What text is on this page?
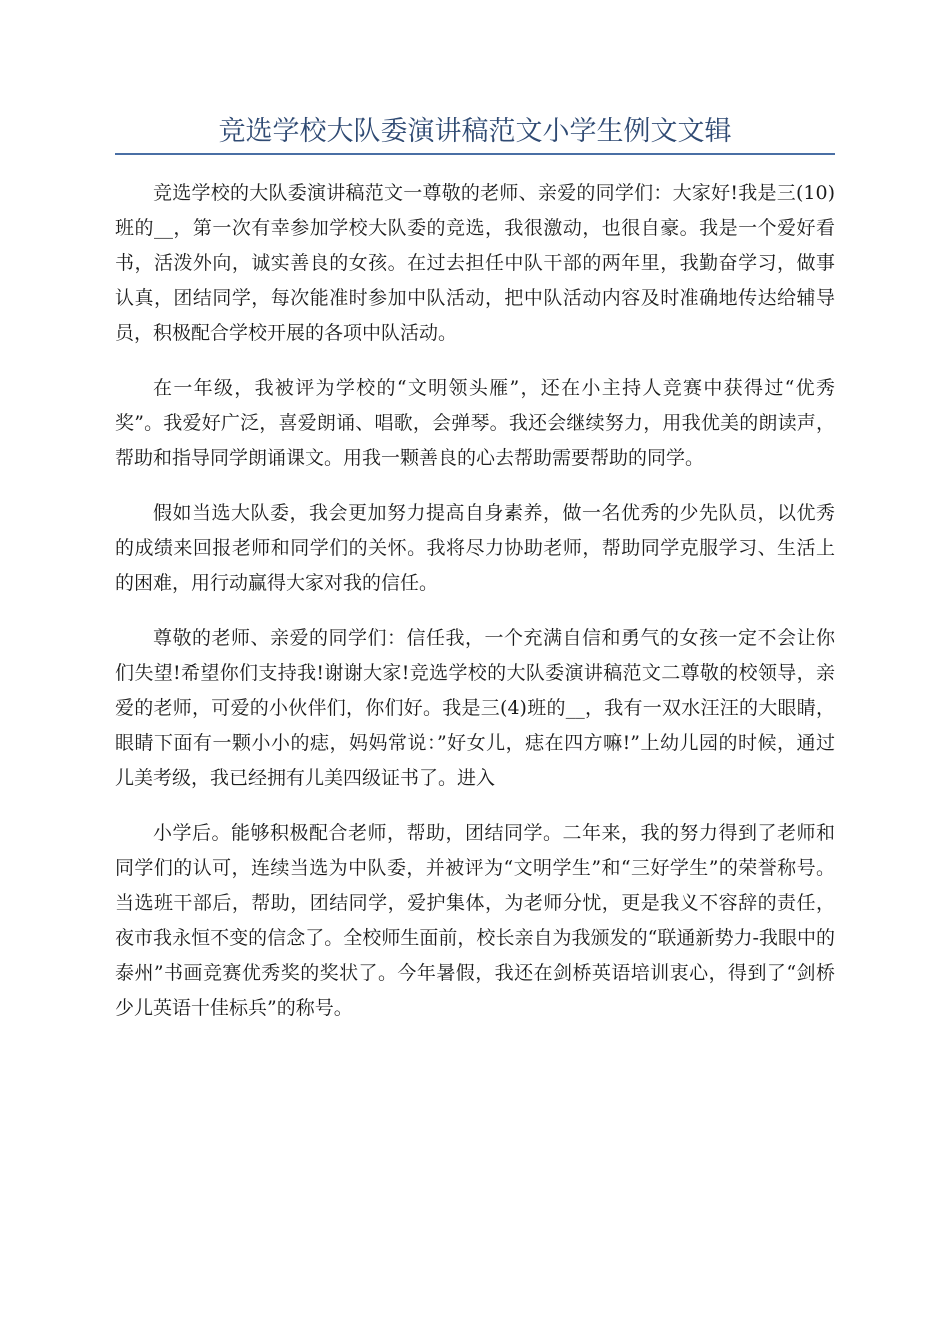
竞选学校大队委演讲稿范文小学生例文文辑

竞选学校的大队委演讲稿范文一尊敬的老师、亲爱的同学们：大家好!我是三(10)班的__，第一次有幸参加学校大队委的竞选，我很激动，也很自豪。我是一个爱好看书，活泼外向，诚实善良的女孩。在过去担任中队干部的两年里，我勤奋学习，做事认真，团结同学，每次能准时参加中队活动，把中队活动内容及时准确地传达给辅导员，积极配合学校开展的各项中队活动。

在一年级，我被评为学校的“文明领头雁”，还在小主持人竞赛中获得过“优秀奖”。我爱好广泛，喜爱朗诵、唱歌，会弹琴。我还会继续努力，用我优美的朗读声，帮助和指导同学朗诵课文。用我一颗善良的心去帮助需要帮助的同学。

假如当选大队委，我会更加努力提高自身素养，做一名优秀的少先队员，以优秀的成绩来回报老师和同学们的关怀。我将尽力协助老师，帮助同学克服学习、生活上的困难，用行动赢得大家对我的信任。

尊敬的老师、亲爱的同学们：信任我，一个充满自信和勇气的女孩一定不会让你们失望!希望你们支持我!谢谢大家!竞选学校的大队委演讲稿范文二尊敬的校领导，亲爱的老师，可爱的小伙伴们，你们好。我是三(4)班的__，我有一双水汪汪的大眼睛，眼睛下面有一颗小小的痣，妈妈常说：”好女儿，痣在四方嘛!”上幼儿园的时候，通过儿美考级，我已经拥有儿美四级证书了。进入

小学后。能够积极配合老师，帮助，团结同学。二年来，我的努力得到了老师和同学们的认可，连续当选为中队委，并被评为“文明学生”和“三好学生”的荣誉称号。当选班干部后，帮助，团结同学，爱护集体，为老师分忧，更是我义不容辞的责任，夜市我永恒不变的信念了。全校师生面前，校长亲自为我颁发的“联通新势力-我眼中的泰州”书画竞赛优秀奖的奖状了。今年暑假，我还在剑桥英语培训衷心，得到了“剑桥少儿英语十佳标兵”的称号。
